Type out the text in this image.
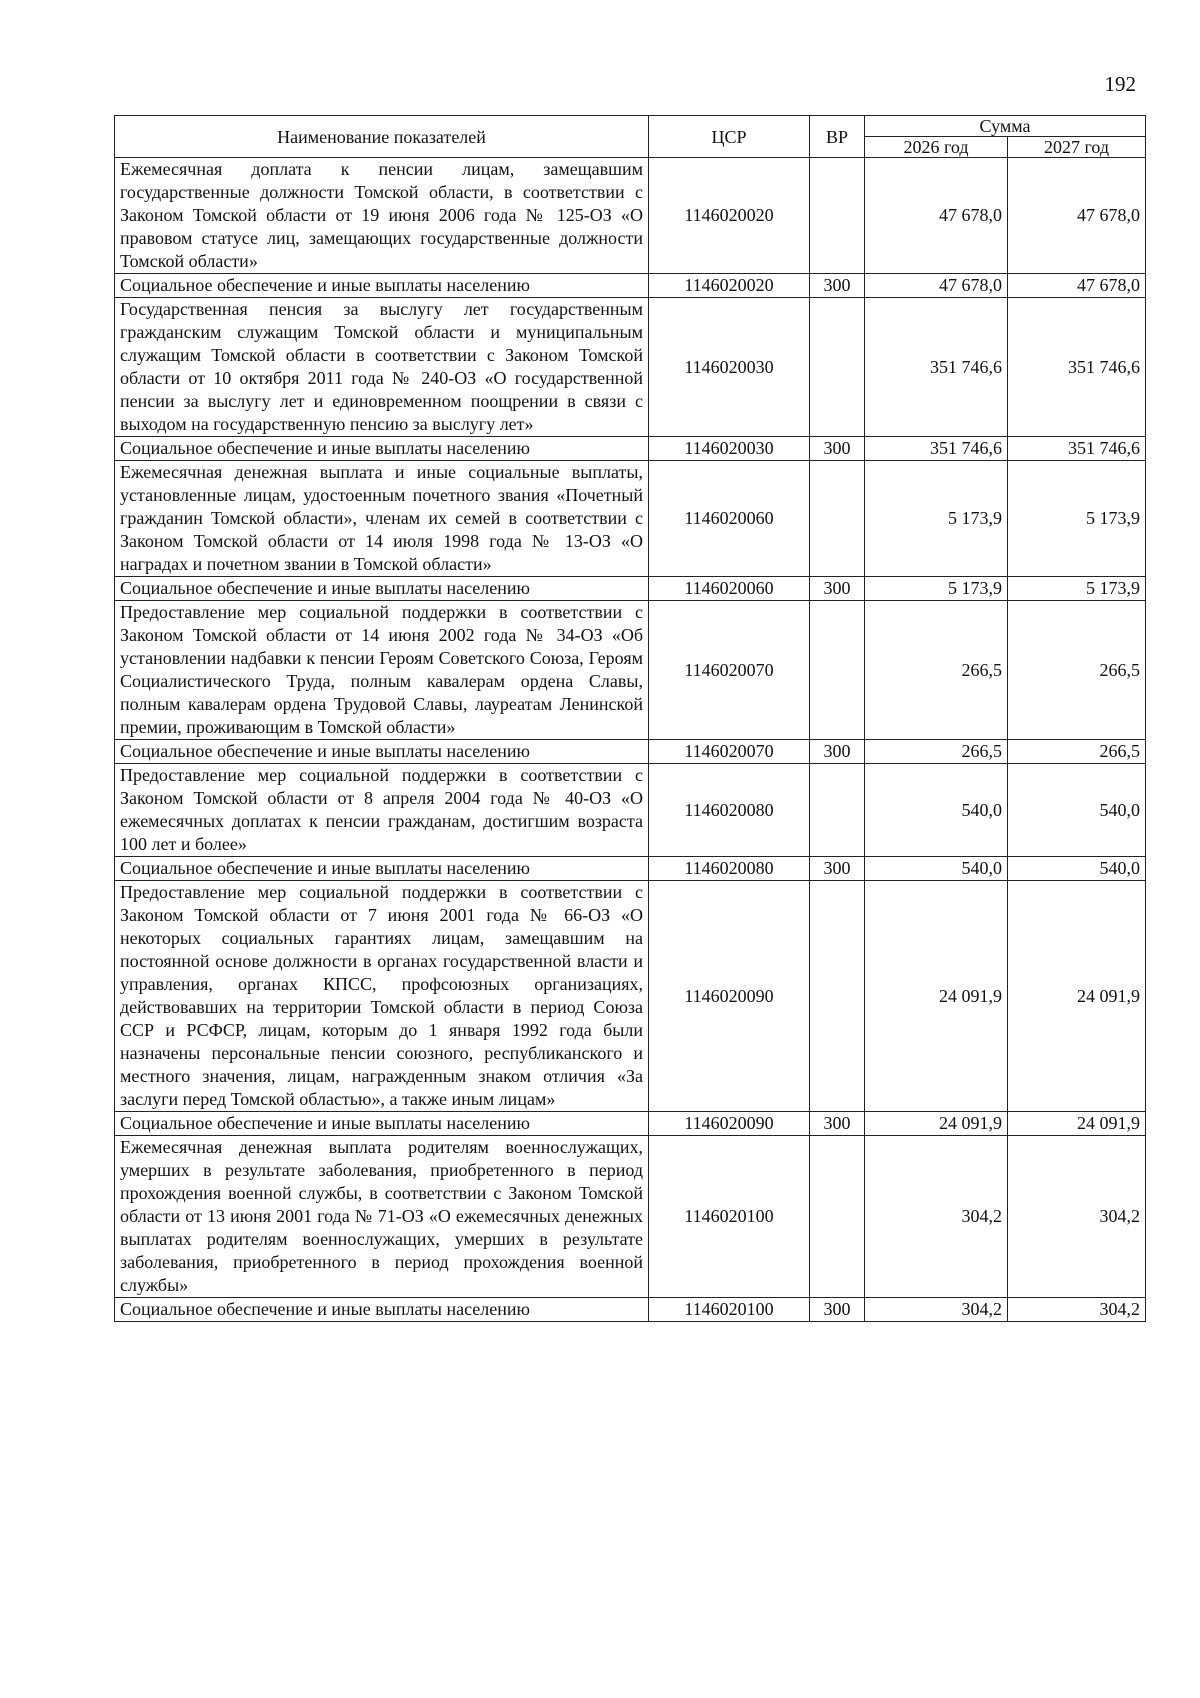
192
Наименование показателей	ЦСР	ВР	Сумма	
			2026 год	2027 год
Ежемесячная доплата к пенсии лицам, замещавшим государственные должности Томской области, в соответствии с Законом Томской области от 19 июня 2006 года № 125-ОЗ «О правовом статусе лиц, замещающих государственные должности Томской области»	1146020020		47 678,0	47 678,0
Социальное обеспечение и иные выплаты населению	1146020020	300	47 678,0	47 678,0
Государственная пенсия за выслугу лет государственным гражданским служащим Томской области и муниципальным служащим Томской области в соответствии с Законом Томской области от 10 октября 2011 года № 240-ОЗ «О государственной пенсии за выслугу лет и единовременном поощрении в связи с выходом на государственную пенсию за выслугу лет»	1146020030		351 746,6	351 746,6
Социальное обеспечение и иные выплаты населению	1146020030	300	351 746,6	351 746,6
Ежемесячная денежная выплата и иные социальные выплаты, установленные лицам, удостоенным почетного звания «Почетный гражданин Томской области», членам их семей в соответствии с Законом Томской области от 14 июля 1998 года № 13-ОЗ «О наградах и почетном звании в Томской области»	1146020060		5 173,9	5 173,9
Социальное обеспечение и иные выплаты населению	1146020060	300	5 173,9	5 173,9
Предоставление мер социальной поддержки в соответствии с Законом Томской области от 14 июня 2002 года № 34-ОЗ «Об установлении надбавки к пенсии Героям Советского Союза, Героям Социалистического Труда, полным кавалерам ордена Славы, полным кавалерам ордена Трудовой Славы, лауреатам Ленинской премии, проживающим в Томской области»	1146020070		266,5	266,5
Социальное обеспечение и иные выплаты населению	1146020070	300	266,5	266,5
Предоставление мер социальной поддержки в соответствии с Законом Томской области от 8 апреля 2004 года № 40-ОЗ «О ежемесячных доплатах к пенсии гражданам, достигшим возраста 100 лет и более»	1146020080		540,0	540,0
Социальное обеспечение и иные выплаты населению	1146020080	300	540,0	540,0
Предоставление мер социальной поддержки в соответствии с Законом Томской области от 7 июня 2001 года № 66-ОЗ «О некоторых социальных гарантиях лицам, замещавшим на постоянной основе должности в органах государственной власти и управления, органах КПСС, профсоюзных организациях, действовавших на территории Томской области в период Союза ССР и РСФСР, лицам, которым до 1 января 1992 года были назначены персональные пенсии союзного, республиканского и местного значения, лицам, награжденным знаком отличия «За заслуги перед Томской областью», а также иным лицам»	1146020090		24 091,9	24 091,9
Социальное обеспечение и иные выплаты населению	1146020090	300	24 091,9	24 091,9
Ежемесячная денежная выплата родителям военнослужащих, умерших в результате заболевания, приобретенного в период прохождения военной службы, в соответствии с Законом Томской области от 13 июня 2001 года № 71-ОЗ «О ежемесячных денежных выплатах родителям военнослужащих, умерших в результате заболевания, приобретенного в период прохождения военной службы»	1146020100		304,2	304,2
Социальное обеспечение и иные выплаты населению	1146020100	300	304,2	304,2
